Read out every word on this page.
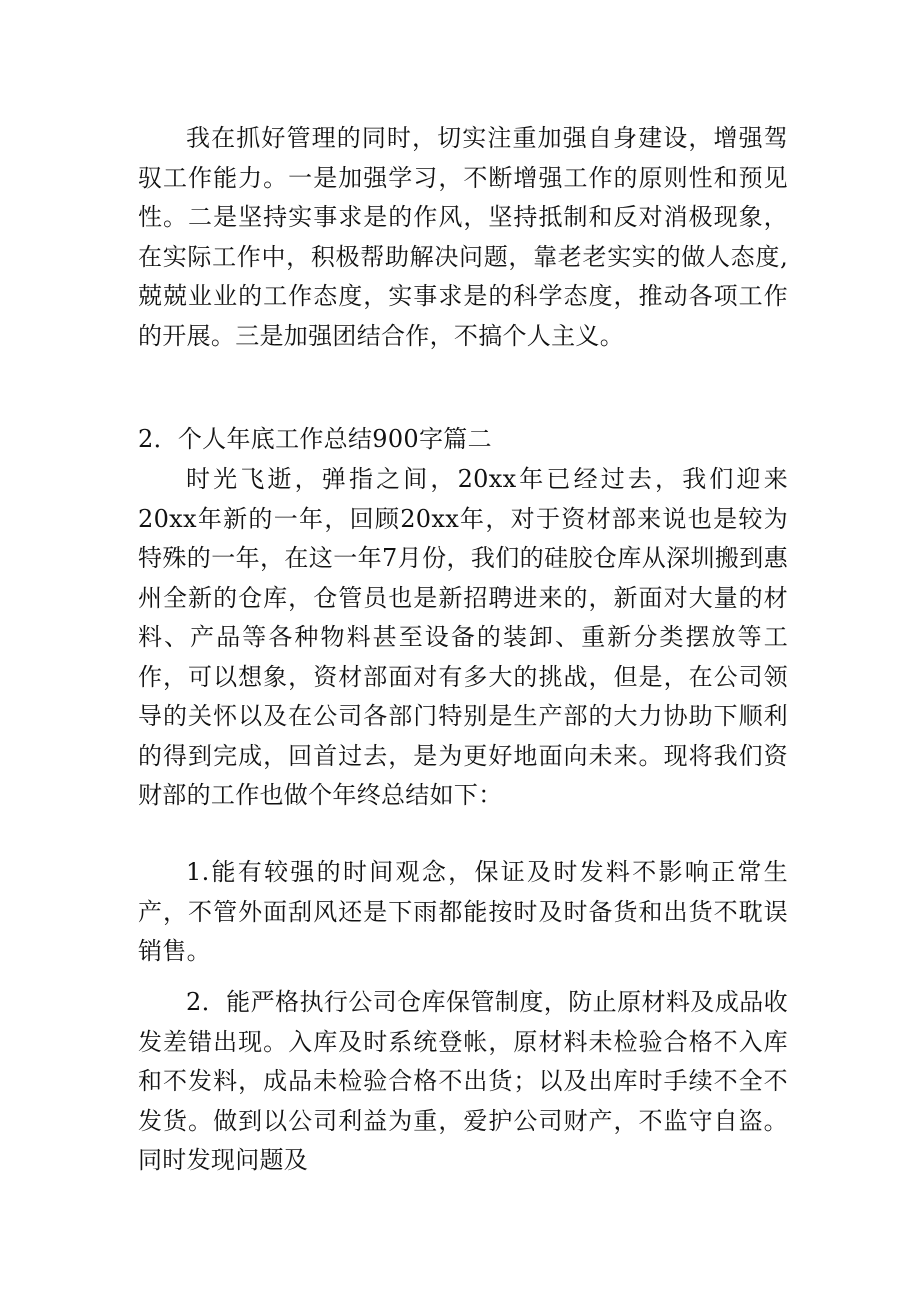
我在抓好管理的同时，切实注重加强自身建设，增强驾驭工作能力。一是加强学习，不断增强工作的原则性和预见性。二是坚持实事求是的作风，坚持抵制和反对消极现象，在实际工作中，积极帮助解决问题，靠老老实实的做人态度,兢兢业业的工作态度，实事求是的科学态度，推动各项工作的开展。三是加强团结合作，不搞个人主义。

2．个人年底工作总结900字篇二

时光飞逝，弹指之间，20xx年已经过去，我们迎来20xx年新的一年，回顾20xx年，对于资材部来说也是较为特殊的一年，在这一年7月份，我们的硅胶仓库从深圳搬到惠州全新的仓库，仓管员也是新招聘进来的，新面对大量的材料、产品等各种物料甚至设备的装卸、重新分类摆放等工作，可以想象，资材部面对有多大的挑战，但是，在公司领导的关怀以及在公司各部门特别是生产部的大力协助下顺利的得到完成，回首过去，是为更好地面向未来。现将我们资财部的工作也做个年终总结如下：

1.能有较强的时间观念，保证及时发料不影响正常生产，不管外面刮风还是下雨都能按时及时备货和出货不耽误销售。

2．能严格执行公司仓库保管制度，防止原材料及成品收发差错出现。入库及时系统登帐，原材料未检验合格不入库和不发料，成品未检验合格不出货；以及出库时手续不全不发货。做到以公司利益为重，爱护公司财产，不监守自盗。同时发现问题及
